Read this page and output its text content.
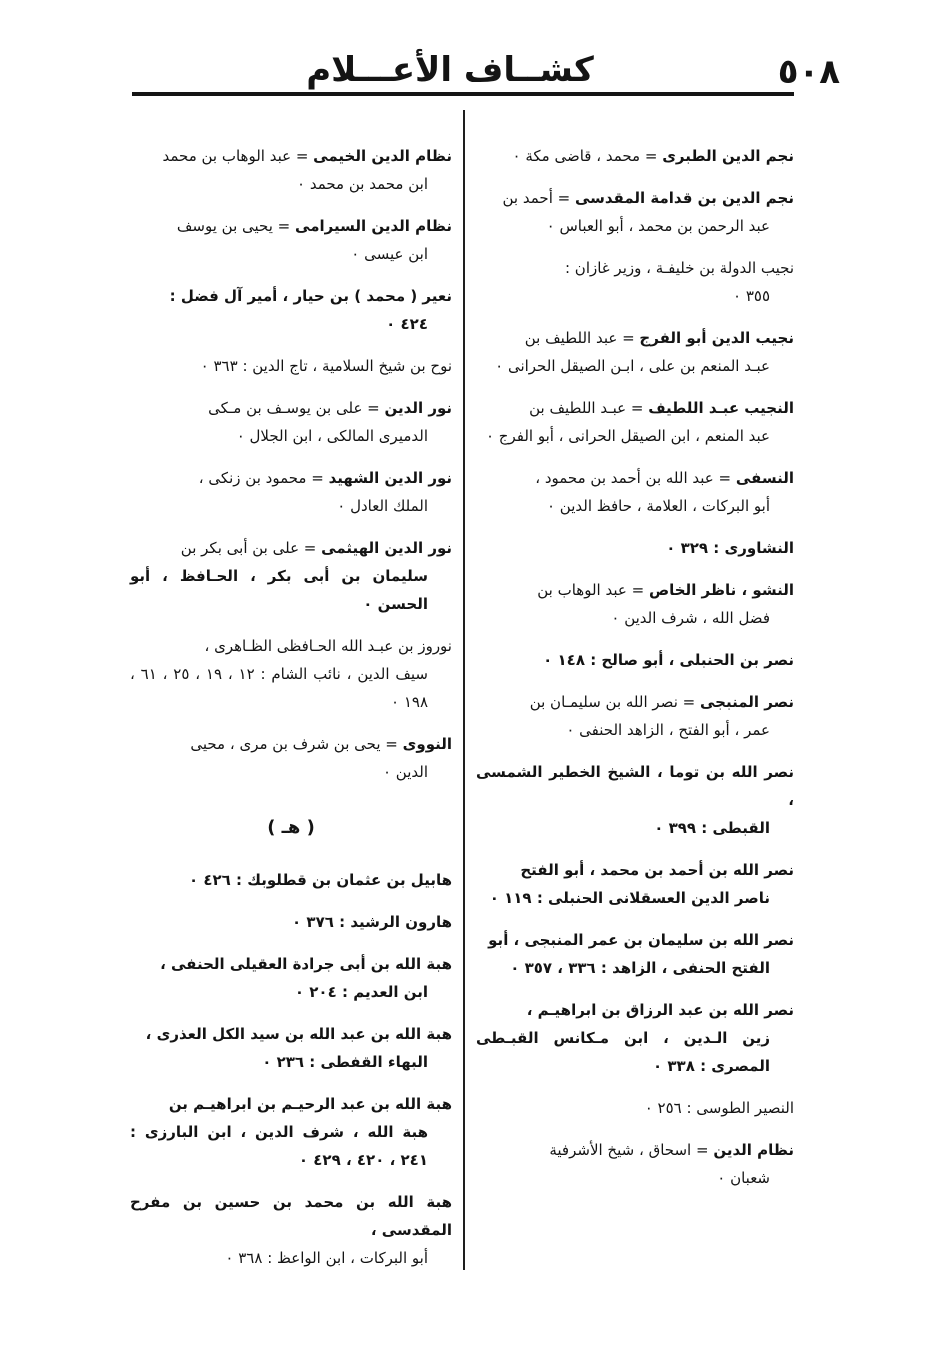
٥٠٨
كشــاف الأعـــلام
نجم الدين الطبرى = محمد ، قاضى مكة ٠
نجم الدين بن قدامة المقدسى = أحمد بن
عبد الرحمن بن محمد ، أبو العباس ٠
نجيب الدولة بن خليفـة ، وزير غازان :
٣٥٥ ٠
نجيب الدين أبو الفرج = عبد اللطيف بن
عبـد المنعم بن على ، ابـن الصيقل الحرانى ٠
النجيب عبـد اللطيف = عبـد اللطيف بن
عبد المنعم ، ابن الصيقل الحرانى ، أبو الفرج ٠
النسفى = عبد الله بن أحمد بن محمود ،
أبو البركات ، العلامة ، حافظ الدين ٠
النشاورى : ٣٢٩ ٠
النشو ، ناظر الخاص = عبد الوهاب بن
فضل الله ، شرف الدين ٠
نصر بن الحنبلى ، أبو صالح : ١٤٨ ٠
نصر المنبجى = نصر الله بن سليمـان بن
عمر ، أبو الفتح ، الزاهد الحنفى ٠
نصر الله بن توما ، الشيخ الخطير الشمسى ،
القبطى : ٣٩٩ ٠
نصر الله بن أحمد بن محمد ، أبو الفتح
ناصر الدين العسقلانى الحنبلى : ١١٩ ٠
نصر الله بن سليمان بن عمر المنبجى ، أبو
الفتح الحنفى ، الزاهد : ٣٣٦ ، ٣٥٧ ٠
نصر الله بن عبد الرزاق بن ابراهيـم ،
زين الـدين ، ابن مـكانس القبـطى المصرى : ٣٣٨ ٠
النصير الطوسى : ٢٥٦ ٠
نظام الدين = اسحاق ، شيخ الأشرفية
شعبان ٠
نظام الدين الخيمى = عبد الوهاب بن محمد
ابن محمد بن محمد ٠
نظام الدين السيرامى = يحيى بن يوسف
ابن عيسى ٠
نعير ( محمد ) بن حيار ، أمير آل فضل :
٤٢٤ ٠
نوح بن شيخ السلامية ، تاج الدين : ٣٦٣ ٠
نور الدين = على بن يوسـف بن مـكى
الدميرى المالكى ، ابن الجلال ٠
نور الدين الشهيد = محمود بن زنكى ،
الملك العادل ٠
نور الدين الهيثمى = على بن أبى بكر بن
سليمان بن أبى بكر ، الحـافظ ، أبو الحسن ٠
نوروز بن عبـد الله الحـافظى الظـاهرى ،
سيف الدين ، نائب الشام : ١٢ ، ١٩ ، ٢٥ ، ٦١ ، ١٩٨ ٠
النووى = يحى بن شرف بن مرى ، محيى
الدين ٠
( هـ )
هابيل بن عثمان بن قطلوبك : ٤٢٦ ٠
هارون الرشيد : ٣٧٦ ٠
هبة الله بن أبى جرادة العقيلى الحنفى ،
ابن العديم : ٢٠٤ ٠
هبة الله بن عبد الله بن سيد الكل العذرى ،
البهاء القفطى : ٢٣٦ ٠
هبة الله بن عبد الرحيـم بن ابراهيـم بن
هبة الله ، شرف الدين ، ابن البارزى : ٢٤١ ، ٤٢٠ ، ٤٢٩ ٠
هبة الله بن محمد بن حسين بن مفرح المقدسى ،
أبو البركات ، ابن الواعظ : ٣٦٨ ٠
